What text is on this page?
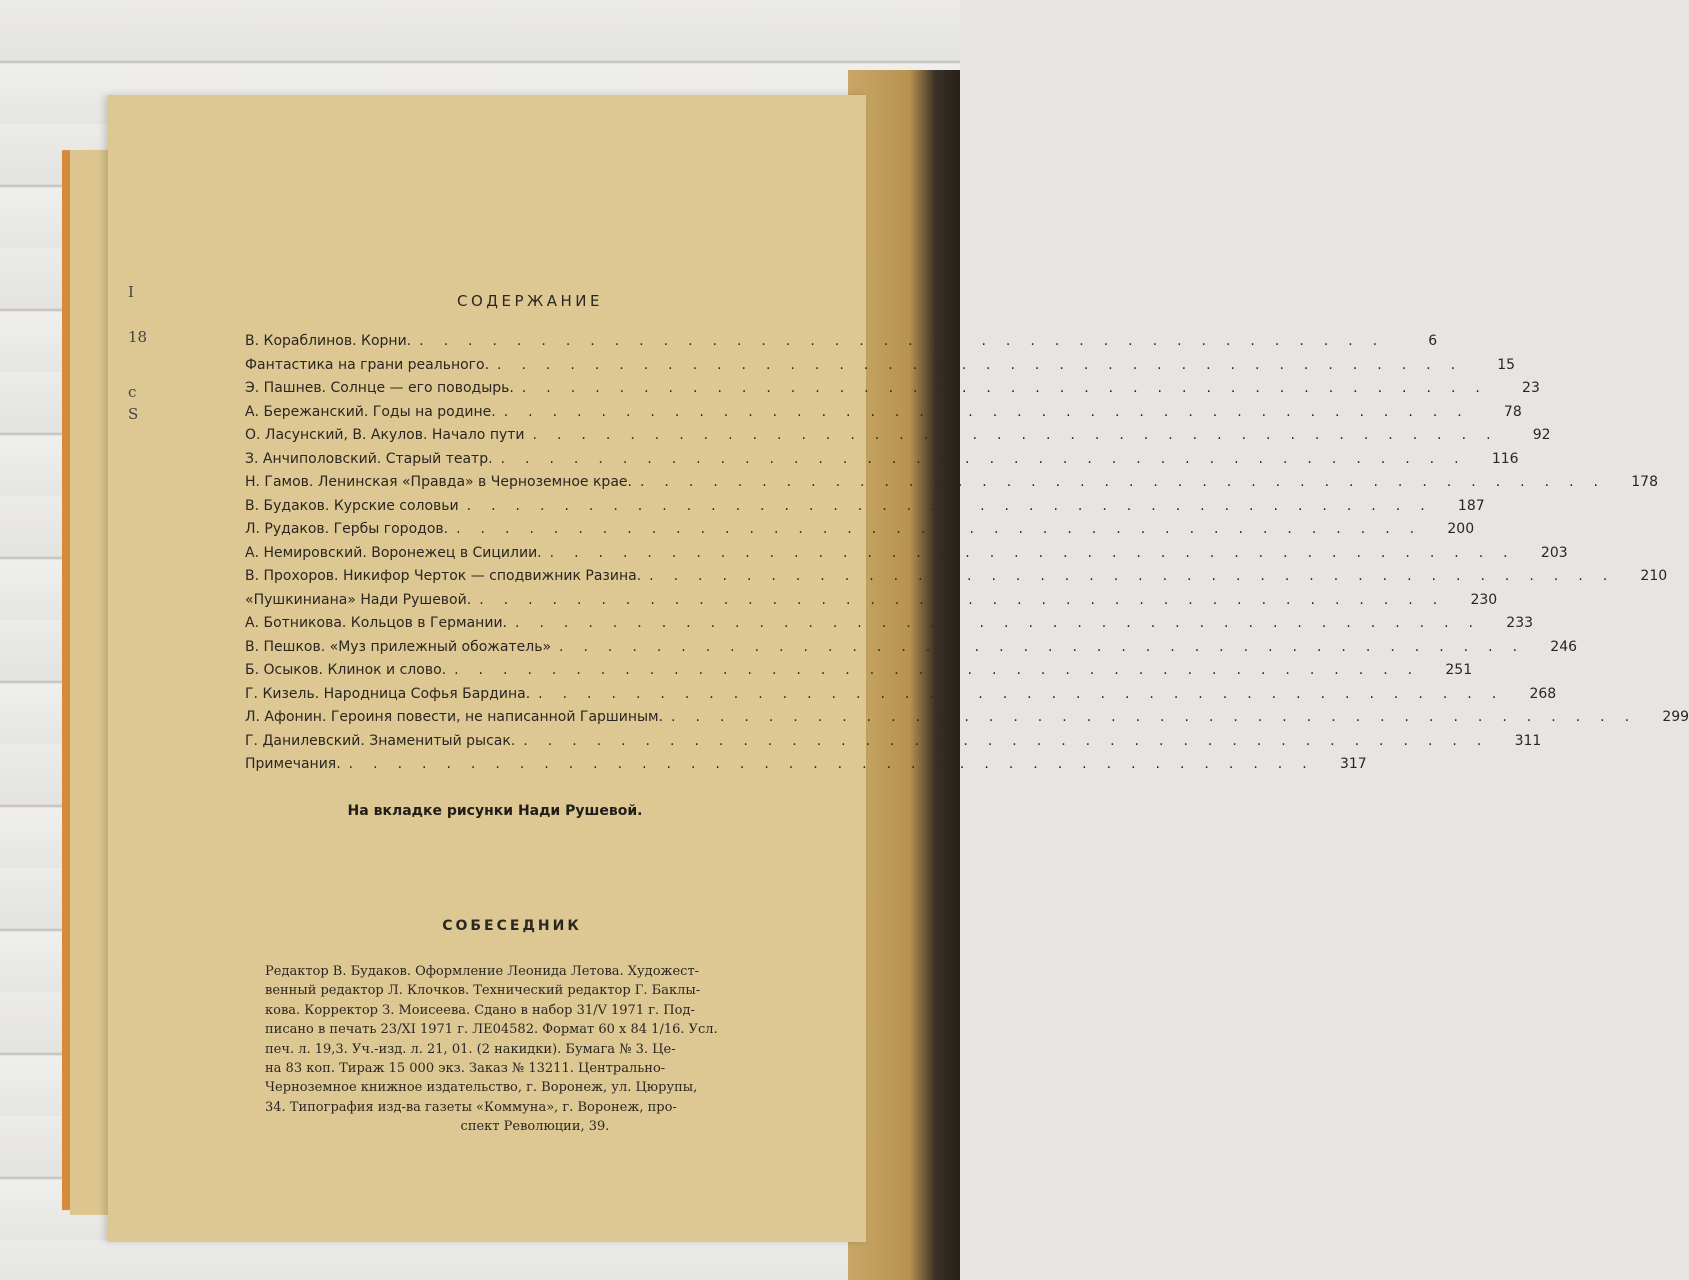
I
18
c
S
СОДЕРЖАНИЕ
В. Кораблинов. Корни. ........................................	6
Фантастика на грани реального. ........................................	15
Э. Пашнев. Солнце — его поводырь. ........................................	23
А. Бережанский. Годы на родине. ........................................	78
О. Ласунский, В. Акулов. Начало пути ........................................	92
З. Анчиполовский. Старый театр. ........................................ 116
Н. Гамов. Ленинская «Правда» в Черноземное крае. ........................................ 178
В. Будаков. Курские соловьи ........................................ 187
Л. Рудаков. Гербы городов. ........................................ 200
А. Немировский. Воронежец в Сицилии. ........................................ 203
В. Прохоров. Никифор Черток — сподвижник Разина. ........................................ 210
«Пушкиниана» Нади Рушевой. ........................................ 230
А. Ботникова. Кольцов в Германии. ........................................ 233
В. Пешков. «Муз прилежный обожатель» ........................................ 246
Б. Осыков. Клинок и слово. ........................................ 251
Г. Кизель. Народница Софья Бардина. ........................................ 268
Л. Афонин. Героиня повести, не написанной Гаршиным. ........................................ 299
Г. Данилевский. Знаменитый рысак. ........................................ 311
Примечания. ........................................ 317
На вкладке рисунки Нади Рушевой.
СОБЕСЕДНИК

Редактор В. Будаков. Оформление Леонида Летова. Художест-

венный редактор Л. Клочков. Технический редактор Г. Баклы-

кова. Корректор З. Моисеева. Сдано в набор 31/V 1971 г. Под-

писано в печать 23/XI 1971 г. ЛЕ04582. Формат 60 х 84 1/16. Усл.

печ. л. 19,3. Уч.-изд. л. 21, 01. (2 накидки). Бумага № 3. Це-

на 83 коп. Тираж 15 000 экз. Заказ № 13211. Центрально-

Черноземное книжное издательство, г. Воронеж, ул. Цюрупы,

34. Типография изд-ва газеты «Коммуна», г. Воронеж, про-

спект Революции, 39.
